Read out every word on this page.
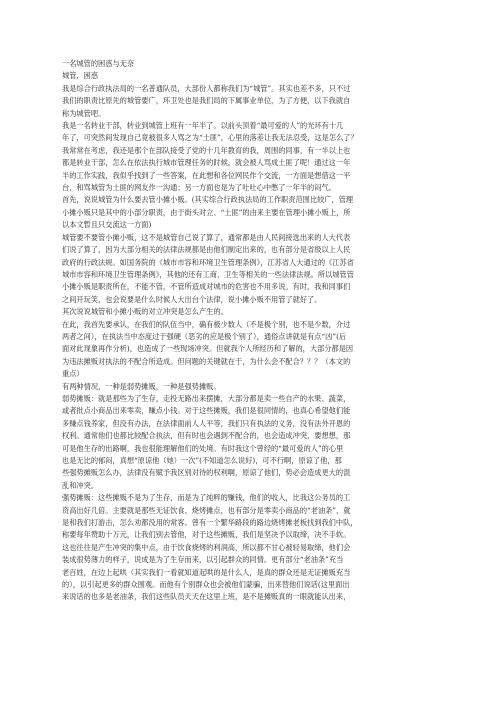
一名城管的困惑与无奈
城管，困惑
我是综合行政执法局的一名普通队员，大部份人都称我们为“城管”。其实也差不多，只不过
我们的职责比原先的城管要广，环卫处也是我们局的下属事业单位，为了方便，以下我就自
称为城管吧。
我是一名转业干部，转业到城管上班有一年半了。以前头顶着“最可爱的人”的光环有十几
年了，可突然间发现自己竟被很多人骂之为“土匪”，心里的落差让我无法忍受，这是怎么了？
我常常在考虑，我还是那个在部队接受了党的十几年教育的我，周围的同事，有一半以上也
都是转业干部，怎么在依法执行城市管理任务的时候，就会被人骂成土匪了呢！通过这一年
半的工作实践，我似乎找到了一些答案，在此想和各位网民作个交流，一方面是想借这一平
台，和骂城管为土匪的网友作一沟通；另一方面也是为了吐吐心中憋了一年半的闷气。
首先，说说城管为什么要去管小摊小贩。(其实综合行政执法局的工作职责范围比较广，管理
小摊小贩只是其中的小部分职责，由于街头对立、“土匪”的由来主要在管理小摊小贩上，所
以本文暂且只交流这一方面)
城管要不要管小摊小贩，这不是城管自己说了算了，通常都是由人民间接选出来的人大代表
们说了算了，因为大部分相关的法律法规都是由他们制定出来的，也有部分是省级以上人民
政府的行政法规。如国务院的《城市市容和环境卫生管理条例》，江苏省人大通过的《江苏省
城市市容和环境卫生管理条例》，其他的还有工商、卫生等相关的一些法律法规。所以城管管
小摊小贩是职责所在，不能不管，不管所造成对城市的危害也不用多说。有时，我和同事们
之间开玩笑，也会说要是什么时候人大出台个法律，说小摊小贩不用管了就好了。
其次说说城管和小摊小贩的对立冲突是怎么产生的。
在此，我首先要承认，在我们的队伍当中，确有极少数人（不是极个别，也不是少数，介过
两者之间），在执法当中态度过于强硬（恶劣的应是极个别了），通俗点讲就是有点“凶”(后
面对此现象再作分析)，也造成了一些现场冲突。但就我个人所经历和了解的，大部分都是因
为违法摊贩对执法的不配合所造成。但问题的关键就在于，为什么会不配合？？？（本文的
重点）
有两种情况，一种是弱势摊贩，一种是强势摊贩。
弱势摊贩：就是那些为了生存，走投无路出来摆摊，大部分都是卖一些自产的水果、蔬菜，
或者批点小商品出来零卖，赚点小钱。对于这些摊贩，我们是很同情的，也真心希望他们能
多赚点钱养家，但没有办法，在法律面前人人平等，我们只有执法的义务，没有法外开恩的
权利。通常他们也都比较配合执法，但有时也会遇到不配合的，也会造成冲突，要想想，那
可是他生存的出路啊，我也很能理解他们的处境。有时我这个曾经的“最可爱的人”的心里
也是无比的郁闷，真想“原谅他（她）一次”(不知道怎么说好)，可不行啊，原谅了他，那
些强势摊贩怎么办，法律没有赋予我区别对待的权利啊，原谅了他们，势必会造成更大的混
乱和冲突。
强势摊贩：这些摊贩不是为了生存，而是为了纯粹的赚钱，他们的收入，比我这公务员的工
资高出好几倍。主要就是那些无证饮食、烧烤摊点，也有部分是零卖小商品的“老油条”，就
是和我们打游击，怎么劝都没用的常客。曾有一个繁华路段的路边烧烤摊老板找到我们中队，
称要每年赞助十万元，让我们别去管他，对于这些摊贩，我们是坚决予以取缔，决不手软。
这也往往是产生冲突的集中点，由于饮食烧烤的利润高，所以都不甘心被轻易取缔，他们会
装成很势薄力的样子，说成是为了生存而来，以引起群众的同情。更有部分“老油条”充当
老百姓，在边上起哄（其实我们一看就知道起哄的是什么人，是真的群众还是无证摊贩充当
的），以引起更多的群众围观。而他有个别群众也会被他们蒙骗，出来替他们说话(这里面出
来说话的也多是老油条，我们这些队员天天在这里上班，是不是摊贩真的一眼就能认出来，
